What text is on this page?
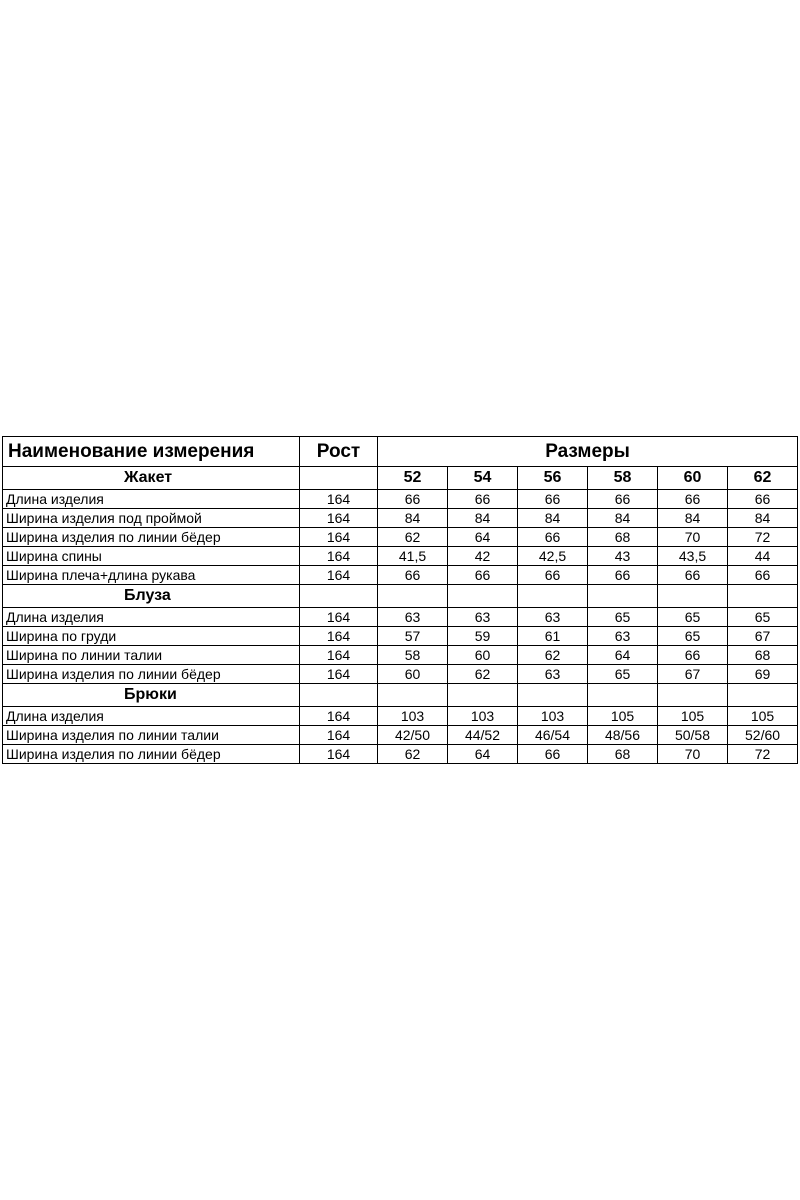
Наименование измерения	Рост	Размеры					
Жакет		52	54	56	58	60	62
Длина изделия	164	66	66	66	66	66	66
Ширина изделия под проймой	164	84	84	84	84	84	84
Ширина изделия по линии бёдер	164	62	64	66	68	70	72
Ширина спины	164	41,5	42	42,5	43	43,5	44
Ширина плеча+длина рукава	164	66	66	66	66	66	66
Блуза							
Длина изделия	164	63	63	63	65	65	65
Ширина по груди	164	57	59	61	63	65	67
Ширина по линии талии	164	58	60	62	64	66	68
Ширина изделия по линии бёдер	164	60	62	63	65	67	69
Брюки							
Длина изделия	164	103	103	103	105	105	105
Ширина изделия по линии талии	164	42/50	44/52	46/54	48/56	50/58	52/60
Ширина изделия по линии бёдер	164	62	64	66	68	70	72
